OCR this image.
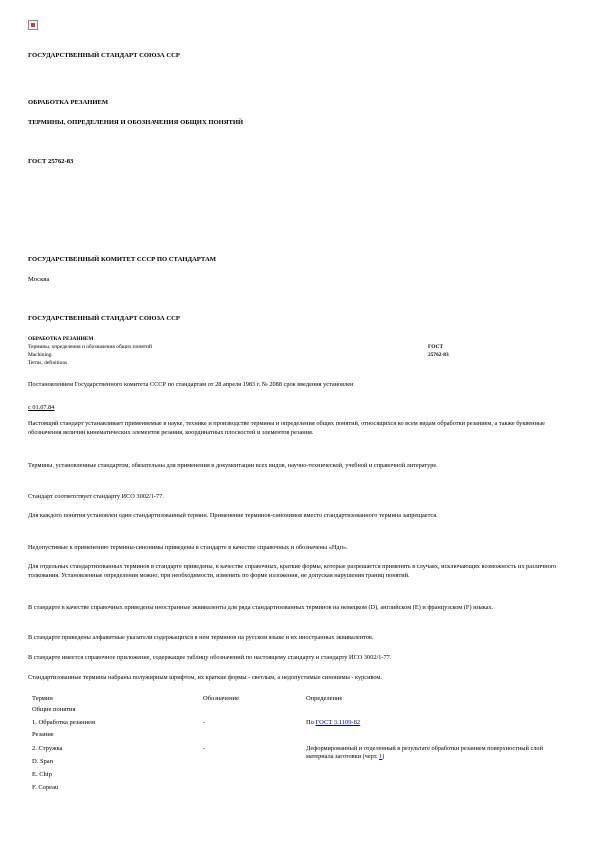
ГОСУДАРСТВЕННЫЙ СТАНДАРТ СОЮЗА ССР
ОБРАБОТКА РЕЗАНИЕМ
ТЕРМИНЫ, ОПРЕДЕЛЕНИЯ И ОБОЗНАЧЕНИЯ ОБЩИХ ПОНЯТИЙ
ГОСТ 25762-83
ГОСУДАРСТВЕННЫЙ КОМИТЕТ СССР ПО СТАНДАРТАМ
Москва
ГОСУДАРСТВЕННЫЙ СТАНДАРТ СОЮЗА ССР
ОБРАБОТКА РЕЗАНИЕМ
Термины, определения и обозначения общих понятий
Machining.
Terms, definitions
ГОСТ
25762-83
Постановлением Государственного комитета СССР по стандартам от 28 апреля 1983 г. № 2088 срок введения установлен
с 01.07.84
Настоящий стандарт устанавливает применяемые в науке, технике и производстве термины и определения общих понятий, относящихся ко всем видам обработки резанием, а также буквенные обозначения величин кинематических элементов резания, координатных плоскостей и элементов резания.
Термины, установленные стандартом, обязательны для применения в документации всех видов, научно-технической, учебной и справочной литературе.
Стандарт соответствует стандарту ИСО 3002/1-77.
Для каждого понятия установлен один стандартизованный термин. Применение терминов-синонимов вместо стандартизованного термина запрещается.
Недопустимые к применению термины-синонимы приведены в стандарте в качестве справочных и обозначены «Ндп».
Для отдельных стандартизованных терминов в стандарте приведены, в качестве справочных, краткие формы, которые разрешается применять в случаях, исключающих возможность их различного толкования. Установленные определения можно, при необходимости, изменять по форме изложения, не допуская нарушения границ понятий.
В стандарте в качестве справочных приведены иностранные эквиваленты для ряда стандартизованных терминов на немецком (D), английском (E) и французском (F) языках.
В стандарте приведены алфавитные указатели содержащихся в нем терминов на русском языке и их иностранных эквивалентов.
В стандарте имеется справочное приложение, содержащее таблицу обозначений по настоящему стандарту и стандарту ИСО 3002/1-77.
Стандартизованные термины набраны полужирным шрифтом, их краткие формы - светлым, а недопустимые синонимы - курсивом.
Термин	Обозначение	Определение
Общие понятия
1. Обработка резанием	-	По ГОСТ 3.1109-82
Резание
2. Стружка	-	Деформированный и отделенный в результате обработки резанием поверхностный слой материала заготовки (черт. 1)
D. Span
E. Chip
F. Copeau
